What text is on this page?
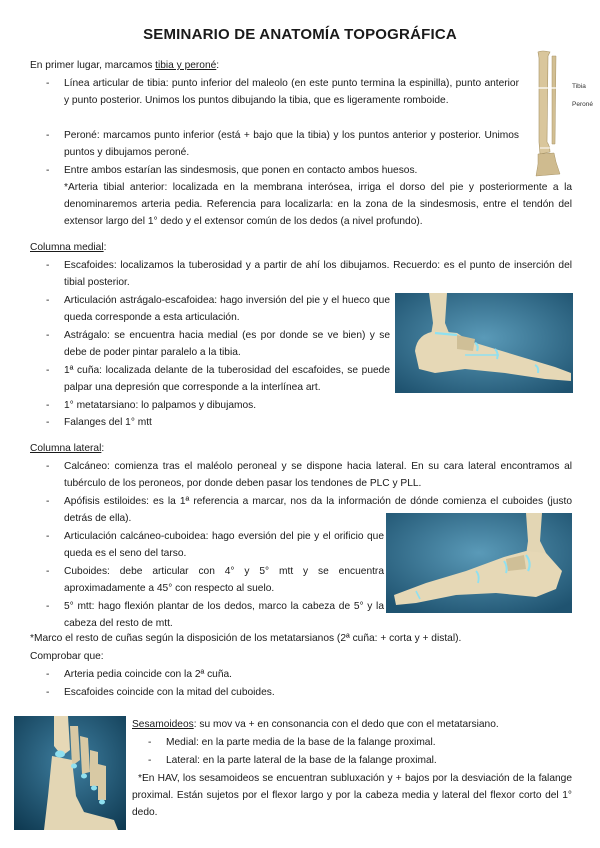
SEMINARIO DE ANATOMÍA TOPOGRÁFICA
En primer lugar, marcamos tibia y peroné:
- Línea articular de tibia: punto inferior del maleolo (en este punto termina la espinilla), punto anterior y punto posterior. Unimos los puntos dibujando la tibia, que es ligeramente romboide.
- Peroné: marcamos punto inferior (está + bajo que la tibia) y los puntos anterior y posterior. Unimos puntos y dibujamos peroné.
- Entre ambos estarían las sindesmosis, que ponen en contacto ambos huesos.
*Arteria tibial anterior: localizada en la membrana interósea, irriga el dorso del pie y posteriormente a la denominaremos arteria pedia. Referencia para localizarla: en la zona de la sindesmosis, entre el tendón del extensor largo del 1° dedo y el extensor común de los dedos (a nivel profundo).
Tibia
Peroné
Columna medial:
- Escafoides: localizamos la tuberosidad y a partir de ahí los dibujamos. Recuerdo: es el punto de inserción del tibial posterior.
- Articulación astrágalo-escafoidea: hago inversión del pie y el hueco que queda corresponde a esta articulación.
- Astrágalo: se encuentra hacia medial (es por donde se ve bien) y se debe de poder pintar paralelo a la tibia.
- 1ª cuña: localizada delante de la tuberosidad del escafoides, se puede palpar una depresión que corresponde a la interlínea art.
- 1° metatarsiano: lo palpamos y dibujamos.
- Falanges del 1° mtt
Columna lateral:
- Calcáneo: comienza tras el maléolo peroneal y se dispone hacia lateral. En su cara lateral encontramos al tubérculo de los peroneos, por donde deben pasar los tendones de PLC y PLL.
- Apófisis estiloides: es la 1ª referencia a marcar, nos da la información de dónde comienza el cuboides (justo detrás de ella).
- Articulación calcáneo-cuboidea: hago eversión del pie y el orificio que queda es el seno del tarso.
- Cuboides: debe articular con 4° y 5° mtt y se encuentra aproximadamente a 45° con respecto al suelo.
- 5° mtt: hago flexión plantar de los dedos, marco la cabeza de 5° y la cabeza del resto de mtt.
*Marco el resto de cuñas según la disposición de los metatarsianos (2ª cuña: + corta y + distal).
Comprobar que:
- Arteria pedia coincide con la 2ª cuña.
- Escafoides coincide con la mitad del cuboides.
Sesamoideos: su mov va + en consonancia con el dedo que con el metatarsiano.
- Medial: en la parte media de la base de la falange proximal.
- Lateral: en la parte lateral de la base de la falange proximal.
*En HAV, los sesamoideos se encuentran subluxación y + bajos por la desviación de la falange proximal. Están sujetos por el flexor largo y por la cabeza media y lateral del flexor corto del 1° dedo.
